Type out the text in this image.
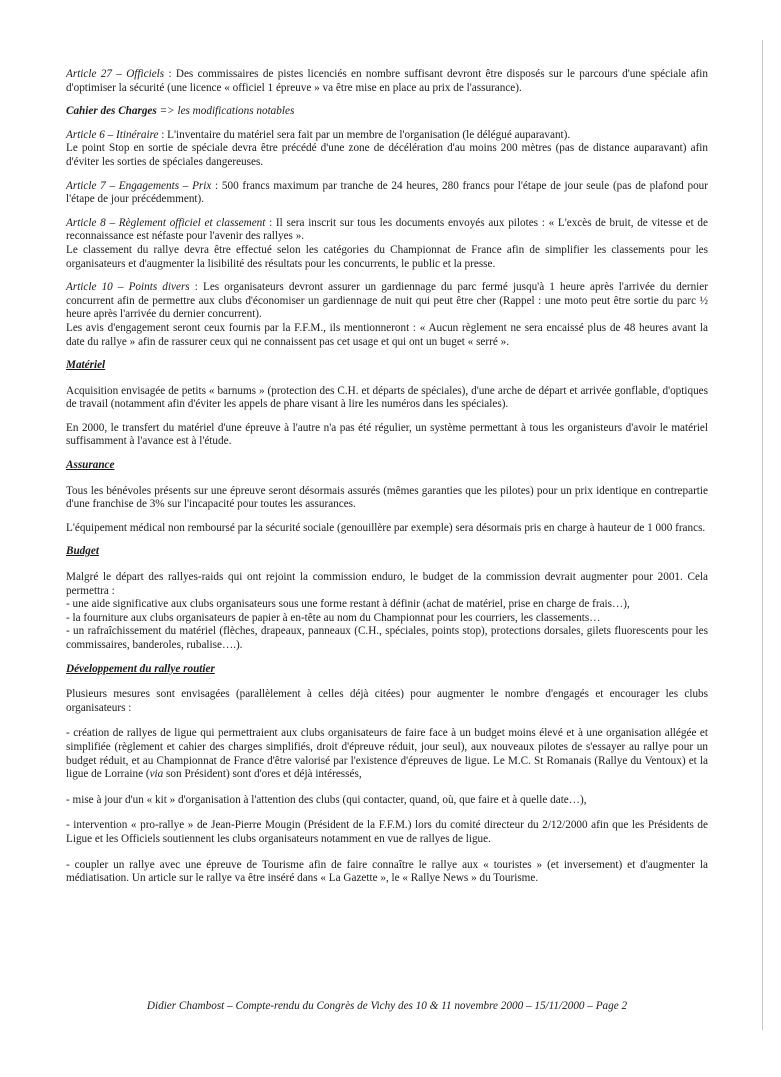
Article 27 – Officiels : Des commissaires de pistes licenciés en nombre suffisant devront être disposés sur le parcours d'une spéciale afin d'optimiser la sécurité (une licence « officiel 1 épreuve » va être mise en place au prix de l'assurance).

Cahier des Charges => les modifications notables

Article 6 – Itinéraire : L'inventaire du matériel sera fait par un membre de l'organisation (le délégué auparavant).

Le point Stop en sortie de spéciale devra être précédé d'une zone de décélération d'au moins 200 mètres (pas de distance auparavant) afin d'éviter les sorties de spéciales dangereuses.

Article 7 – Engagements – Prix : 500 francs maximum par tranche de 24 heures, 280 francs pour l'étape de jour seule (pas de plafond pour l'étape de jour précédemment).

Article 8 – Règlement officiel et classement : Il sera inscrit sur tous les documents envoyés aux pilotes : « L'excès de bruit, de vitesse et de reconnaissance est néfaste pour l'avenir des rallyes ».

Le classement du rallye devra être effectué selon les catégories du Championnat de France afin de simplifier les classements pour les organisateurs et d'augmenter la lisibilité des résultats pour les concurrents, le public et la presse.

Article 10 – Points divers : Les organisateurs devront assurer un gardiennage du parc fermé jusqu'à 1 heure après l'arrivée du dernier concurrent afin de permettre aux clubs d'économiser un gardiennage de nuit qui peut être cher (Rappel : une moto peut être sortie du parc ½ heure après l'arrivée du dernier concurrent).

Les avis d'engagement seront ceux fournis par la F.F.M., ils mentionneront : « Aucun règlement ne sera encaissé plus de 48 heures avant la date du rallye » afin de rassurer ceux qui ne connaissent pas cet usage et qui ont un buget « serré ».

Matériel

Acquisition envisagée de petits « barnums » (protection des C.H. et départs de spéciales), d'une arche de départ et arrivée gonflable, d'optiques de travail (notamment afin d'éviter les appels de phare visant à lire les numéros dans les spéciales).

En 2000, le transfert du matériel d'une épreuve à l'autre n'a pas été régulier, un système permettant à tous les organisteurs d'avoir le matériel suffisamment à l'avance est à l'étude.

Assurance

Tous les bénévoles présents sur une épreuve seront désormais assurés (mêmes garanties que les pilotes) pour un prix identique en contrepartie d'une franchise de 3% sur l'incapacité pour toutes les assurances.

L'équipement médical non remboursé par la sécurité sociale (genouillère par exemple) sera désormais pris en charge à hauteur de 1 000 francs.

Budget

Malgré le départ des rallyes-raids qui ont rejoint la commission enduro, le budget de la commission devrait augmenter pour 2001. Cela permettra :

- une aide significative aux clubs organisateurs sous une forme restant à définir (achat de matériel, prise en charge de frais…),

- la fourniture aux clubs organisateurs de papier à en-tête au nom du Championnat pour les courriers, les classements…

- un rafraîchissement du matériel (flèches, drapeaux, panneaux (C.H., spéciales, points stop), protections dorsales, gilets fluorescents pour les commissaires, banderoles, rubalise….).

Développement du rallye routier

Plusieurs mesures sont envisagées (parallèlement à celles déjà citées) pour augmenter le nombre d'engagés et encourager les clubs organisateurs :

- création de rallyes de ligue qui permettraient aux clubs organisateurs de faire face à un budget moins élevé et à une organisation allégée et simplifiée (règlement et cahier des charges simplifiés, droit d'épreuve réduit, jour seul), aux nouveaux pilotes de s'essayer au rallye pour un budget réduit, et au Championnat de France d'être valorisé par l'existence d'épreuves de ligue. Le M.C. St Romanais (Rallye du Ventoux) et la ligue de Lorraine (via son Président) sont d'ores et déjà intéressés,

- mise à jour d'un « kit » d'organisation à l'attention des clubs (qui contacter, quand, où, que faire et à quelle date…),

- intervention « pro-rallye » de Jean-Pierre Mougin (Président de la F.F.M.) lors du comité directeur du 2/12/2000 afin que les Présidents de Ligue et les Officiels soutiennent les clubs organisateurs notamment en vue de rallyes de ligue.

- coupler un rallye avec une épreuve de Tourisme afin de faire connaître le rallye aux « touristes » (et inversement) et d'augmenter la médiatisation. Un article sur le rallye va être inséré dans « La Gazette », le « Rallye News » du Tourisme.

Didier Chambost – Compte-rendu du Congrès de Vichy des 10 & 11 novembre 2000 – 15/11/2000 – Page 2
